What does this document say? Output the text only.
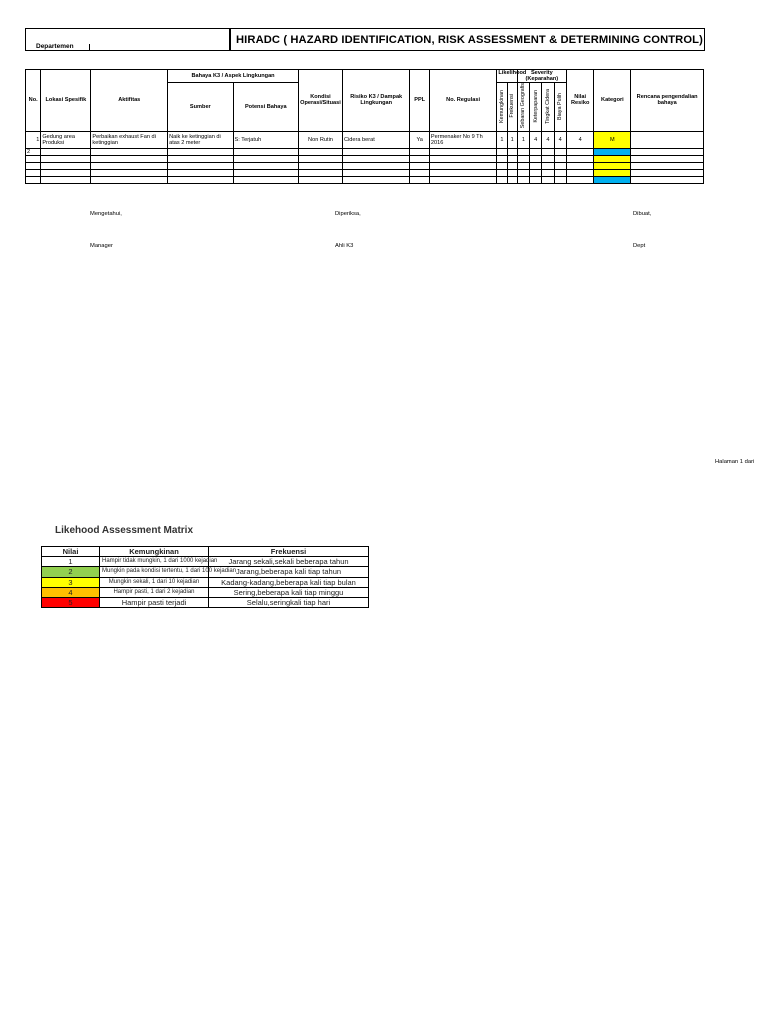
Departemen
HIRADC ( HAZARD IDENTIFICATION, RISK ASSESSMENT & DETERMINING CONTROL)
No.	Lokasi Spesifik	Aktifitas	Bahaya K3 / Aspek Lingkungan		Kondisi Operasi/Situasi	Risiko K3 / Dampak Lingkungan	PPL	No. Regulasi	Likelihood		Severity (Keparahan)				Nilai Resiko	Kategori	Rencana pengendalian bahaya
			Sumber	Potensi Bahaya					Kemungkinan	Frekuensi	Sebaran Geografis	Keterpaparan	Tingkat Cidera	Biaya Pulih			
1	Gedung area Produksi	Perbaikan exhaust Fan di ketinggian	Naik ke ketinggian di atas 2 meter	S: Terjatuh	Non Rutin	Cidera berat	Ya	Permenaker No 9 Th 2016	1	1	1	4	4	4	4	M	
2																	

Mengetahui,	Diperiksa,	Dibuat,
Manager	Ahli K3	Dept
Halaman 1 dari
Likehood Assessment Matrix
Nilai	Kemungkinan	Frekuensi
1	Hampir tidak mungkin, 1 dari 1000 kejadian	Jarang sekali,sekali beberapa tahun
2	Mungkin pada kondisi tertentu, 1 dari 100 kejadian	Jarang,beberapa kali tiap tahun
3	Mungkin sekali, 1 dari 10 kejadian	Kadang-kadang,beberapa kali tiap bulan
4	Hampir pasti, 1 dari 2 kejadian	Sering,beberapa kali tiap minggu
5	Hampir pasti terjadi	Selalu,seringkali tiap hari
